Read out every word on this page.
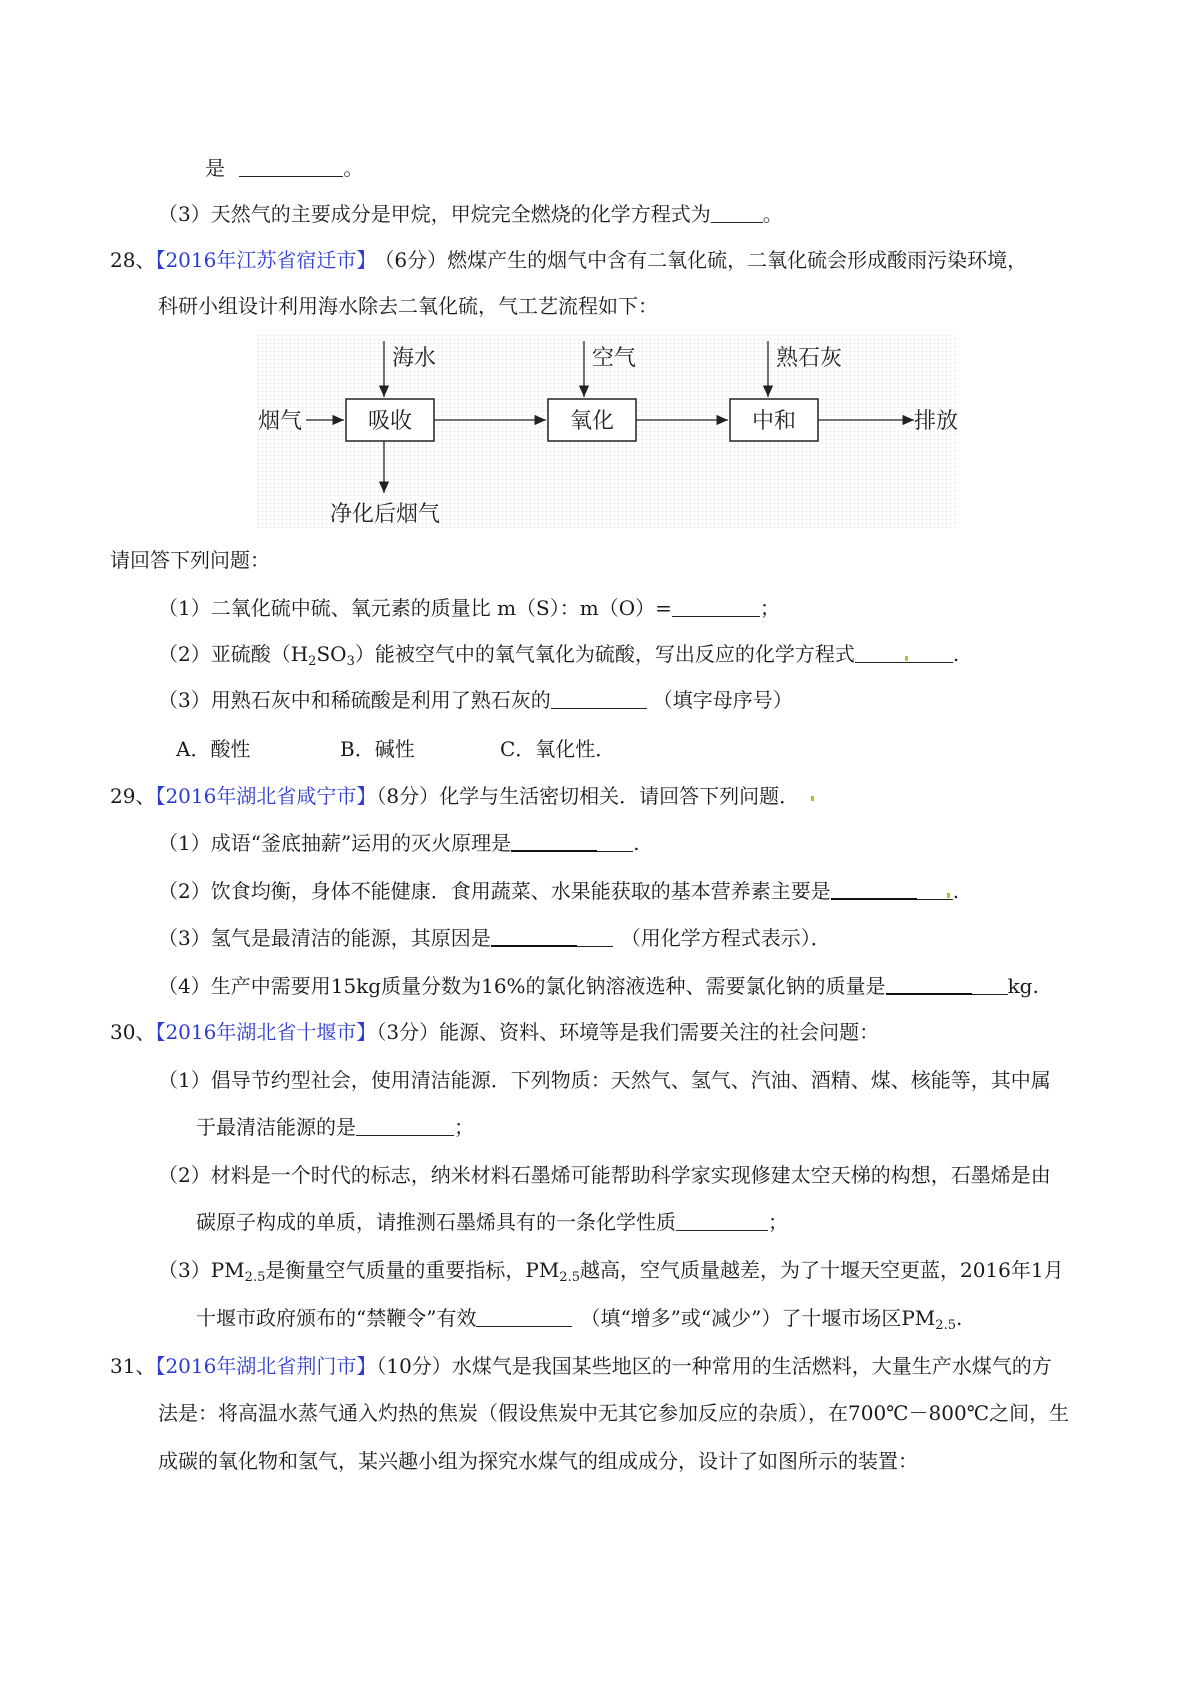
是	。
（3）天然气的主要成分是甲烷，甲烷完全燃烧的化学方程式为	。
28、【2016年江苏省宿迁市】 （6分）燃煤产生的烟气中含有二氧化硫，二氧化硫会形成酸雨污染环境，
科研小组设计利用海水除去二氧化硫，气工艺流程如下：
烟气
海水
吸收
空气
氧化
熟石灰
中和	排放
净化后烟气
请回答下列问题：
（1）二氧化硫中硫、氧元素的质量比 m（S）：m（O）=	；
（2）亚硫酸$(H_2SO_3)$能被空气中的氧气氧化为硫酸，写出反应的化学方程式	.
（3）用熟石灰中和稀硫酸是利用了熟石灰的	（填字母序号）
A．酸性	B．碱性	C．氧化性．
29、【2016年湖北省咸宁市】（8分）化学与生活密切相关．请回答下列问题．
（1）成语“釜底抽薪”运用的灭火原理是	.
（2）饮食均衡，身体不能健康．食用蔬菜、水果能获取的基本营养素主要是	.
（3）氢气是最清洁的能源，其原因是	（用化学方程式表示）．
（4）生产中需要用15kg质量分数为16%的氯化钠溶液选种、需要氯化钠的质量是	kg.
30、【2016年湖北省十堰市】（3分）能源、资料、环境等是我们需要关注的社会问题：
（1）倡导节约型社会，使用清洁能源．下列物质：天然气、氢气、汽油、酒精、煤、核能等，其中属
于最清洁能源的是	；
（2）材料是一个时代的标志，纳米材料石墨烯可能帮助科学家实现修建太空天梯的构想，石墨烯是由
碳原子构成的单质，请推测石墨烯具有的一条化学性质	；
$(3)PM_{2.5}$是衡量空气质量的重要指标，$PM_{2.5}$越高，空气质量越差，为了十堰天空更蓝，2016年1月
十堰市政府颁布的“禁鞭令”有效	（填“增多”或“减少”）了十堰市场区$PM_{2.5}$.
31、【2016年湖北省荆门市】（10分）水煤气是我国某些地区的一种常用的生活燃料，大量生产水煤气的方
法是：将高温水蒸气通入灼热的焦炭（假设焦炭中无其它参加反应的杂质），在700℃－800℃之间，生
成碳的氧化物和氢气，某兴趣小组为探究水煤气的组成成分，设计了如图所示的装置：
